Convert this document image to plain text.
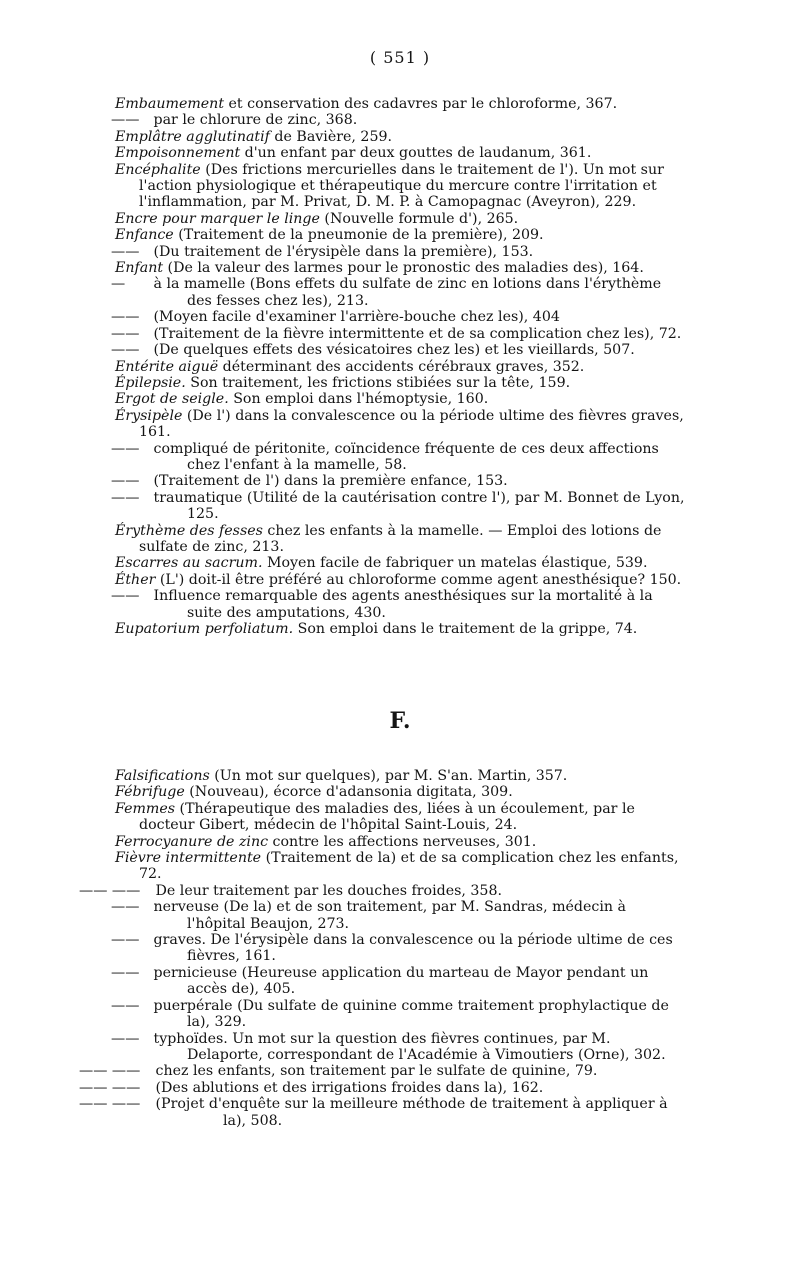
( 551 )

Embaumement et conservation des cadavres par le chloroforme, 367.

—— par le chlorure de zinc, 368.

Emplâtre agglutinatif de Bavière, 259.

Empoisonnement d'un enfant par deux gouttes de laudanum, 361.

Encéphalite (Des frictions mercurielles dans le traitement de l'). Un mot sur l'action physiologique et thérapeutique du mercure contre l'irritation et l'inflammation, par M. Privat, D. M. P. à Camopagnac (Aveyron), 229.

Encre pour marquer le linge (Nouvelle formule d'), 265.

Enfance (Traitement de la pneumonie de la première), 209.

—— (Du traitement de l'érysipèle dans la première), 153.

Enfant (De la valeur des larmes pour le pronostic des maladies des), 164.

— à la mamelle (Bons effets du sulfate de zinc en lotions dans l'érythème des fesses chez les), 213.

—— (Moyen facile d'examiner l'arrière-bouche chez les), 404

—— (Traitement de la fièvre intermittente et de sa complication chez les), 72.

—— (De quelques effets des vésicatoires chez les) et les vieillards, 507.

Entérite aiguë déterminant des accidents cérébraux graves, 352.

Épilepsie. Son traitement, les frictions stibiées sur la tête, 159.

Ergot de seigle. Son emploi dans l'hémoptysie, 160.

Érysipèle (De l') dans la convalescence ou la période ultime des fièvres graves, 161.

—— compliqué de péritonite, coïncidence fréquente de ces deux affections chez l'enfant à la mamelle, 58.

—— (Traitement de l') dans la première enfance, 153.

—— traumatique (Utilité de la cautérisation contre l'), par M. Bonnet de Lyon, 125.

Érythème des fesses chez les enfants à la mamelle. — Emploi des lotions de sulfate de zinc, 213.

Escarres au sacrum. Moyen facile de fabriquer un matelas élastique, 539.

Éther (L') doit-il être préféré au chloroforme comme agent anesthésique? 150.

—— Influence remarquable des agents anesthésiques sur la mortalité à la suite des amputations, 430.

Eupatorium perfoliatum. Son emploi dans le traitement de la grippe, 74.

F.

Falsifications (Un mot sur quelques), par M. S'an. Martin, 357.

Fébrifuge (Nouveau), écorce d'adansonia digitata, 309.

Femmes (Thérapeutique des maladies des, liées à un écoulement, par le docteur Gibert, médecin de l'hôpital Saint-Louis, 24.

Ferrocyanure de zinc contre les affections nerveuses, 301.

Fièvre intermittente (Traitement de la) et de sa complication chez les enfants, 72.

—— —— De leur traitement par les douches froides, 358.

—— nerveuse (De la) et de son traitement, par M. Sandras, médecin à l'hôpital Beaujon, 273.

—— graves. De l'érysipèle dans la convalescence ou la période ultime de ces fièvres, 161.

—— pernicieuse (Heureuse application du marteau de Mayor pendant un accès de), 405.

—— puerpérale (Du sulfate de quinine comme traitement prophylactique de la), 329.

—— typhoïdes. Un mot sur la question des fièvres continues, par M. Delaporte, correspondant de l'Académie à Vimoutiers (Orne), 302.

—— —— chez les enfants, son traitement par le sulfate de quinine, 79.

—— —— (Des ablutions et des irrigations froides dans la), 162.

—— —— (Projet d'enquête sur la meilleure méthode de traitement à appliquer à la), 508.
